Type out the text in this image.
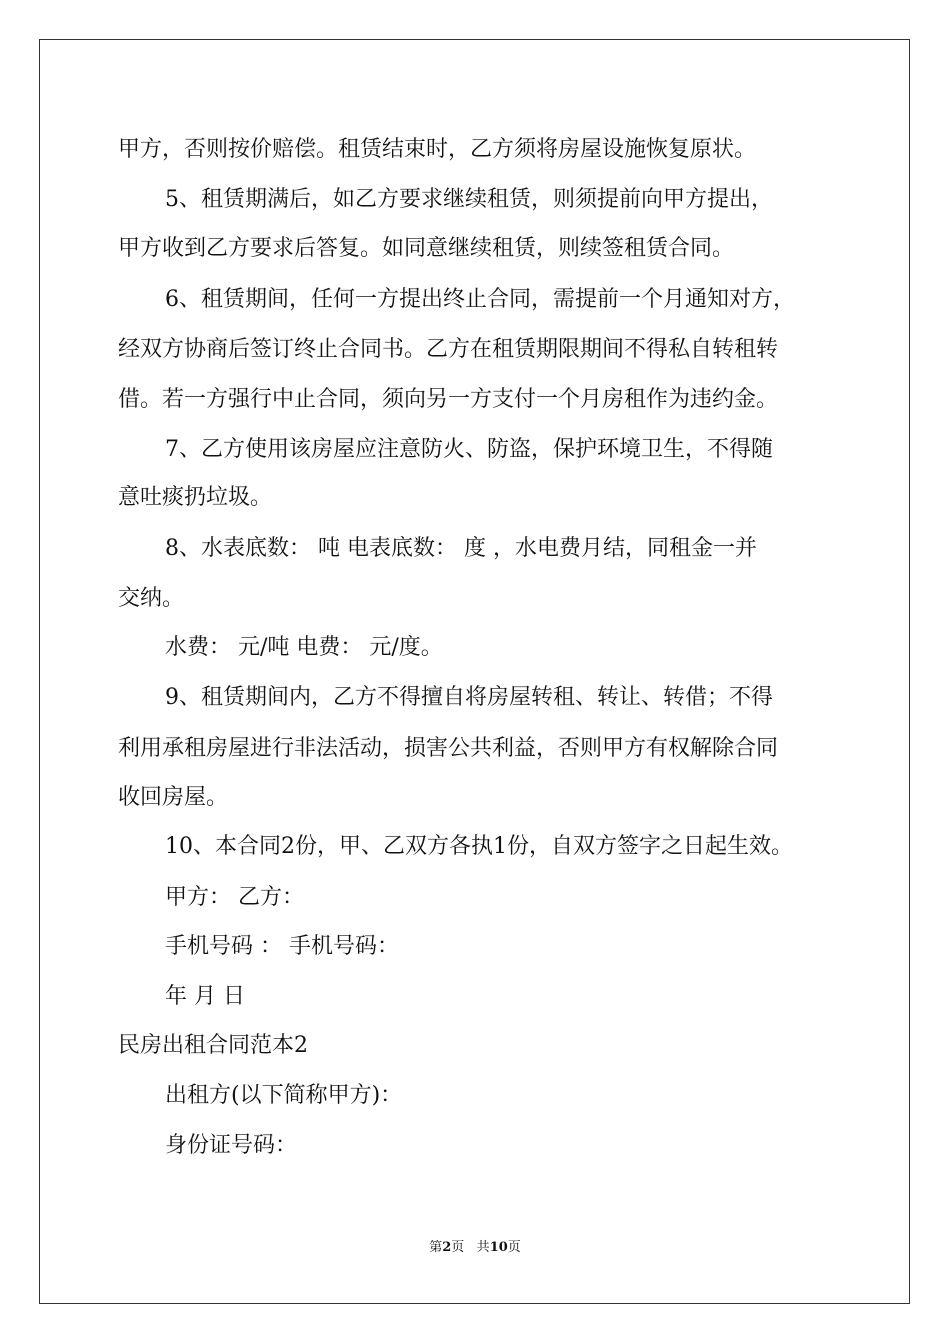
甲方，否则按价赔偿。租赁结束时，乙方须将房屋设施恢复原状。
5、租赁期满后，如乙方要求继续租赁，则须提前向甲方提出，
甲方收到乙方要求后答复。如同意继续租赁，则续签租赁合同。
6、租赁期间，任何一方提出终止合同，需提前一个月通知对方，
经双方协商后签订终止合同书。乙方在租赁期限期间不得私自转租转
借。若一方强行中止合同，须向另一方支付一个月房租作为违约金。
7、乙方使用该房屋应注意防火、防盗，保护环境卫生，不得随
意吐痰扔垃圾。
8、水表底数： 吨 电表底数： 度 ，水电费月结，同租金一并
交纳。
水费： 元/吨 电费： 元/度。
9、租赁期间内，乙方不得擅自将房屋转租、转让、转借；不得
利用承租房屋进行非法活动，损害公共利益，否则甲方有权解除合同
收回房屋。
10、本合同2份，甲、乙双方各执1份，自双方签字之日起生效。
甲方： 乙方：
手机号码 ： 手机号码：
年 月 日
民房出租合同范本2
出租方(以下简称甲方)：
身份证号码：
第2页 共10页
